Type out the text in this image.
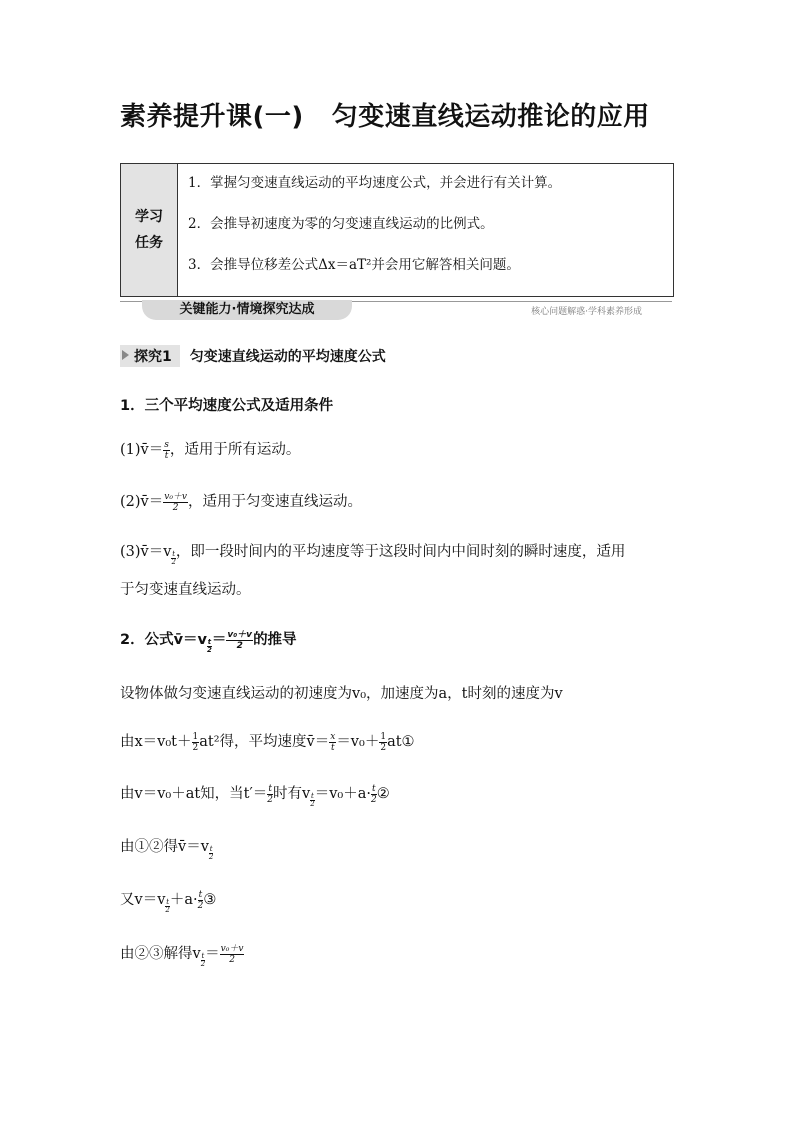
素养提升课(一) 匀变速直线运动推论的应用
学习
任务
1．掌握匀变速直线运动的平均速度公式，并会进行有关计算。
2．会推导初速度为零的匀变速直线运动的比例式。
3．会推导位移差公式Δx＝aT²并会用它解答相关问题。
关键能力·情境探究达成	核心问题解惑·学科素养形成
探究1 匀变速直线运动的平均速度公式
1．三个平均速度公式及适用条件
(1)v̄＝ $\frac{s}{t}$ ，适用于所有运动。
(2)v̄＝ $\frac{\text{v₀＋v}}{2}$ ，适用于匀变速直线运动。
(3)v̄＝v $\frac{t}{2}$ ，即一段时间内的平均速度等于这段时间内中间时刻的瞬时速度，适用
于匀变速直线运动。
2．公式v̄＝v $\frac{t}{2} = \frac{\text{v₀＋v}}{2}$ 的推导
设物体做匀变速直线运动的初速度为v₀，加速度为a，t时刻的速度为v
由$x=v_0t+ \frac{1}{2} at^2$得，平均速度v̄＝ $\frac{x}{t} =v_0+ \frac{1}{2}$ at①
由v＝v₀＋at知，当$t'= \frac{t}{2}$ 时有v $\frac{t}{2} =v_0+a\cdot \frac{t}{2}$ ②
由①②得v̄＝v $\frac{t}{2}$
又$v=v \frac{t}{2} +a\cdot \frac{t}{2}$ ③
由②③解得v $\frac{t}{2} = \frac{\text{v₀＋v}}{2}$
